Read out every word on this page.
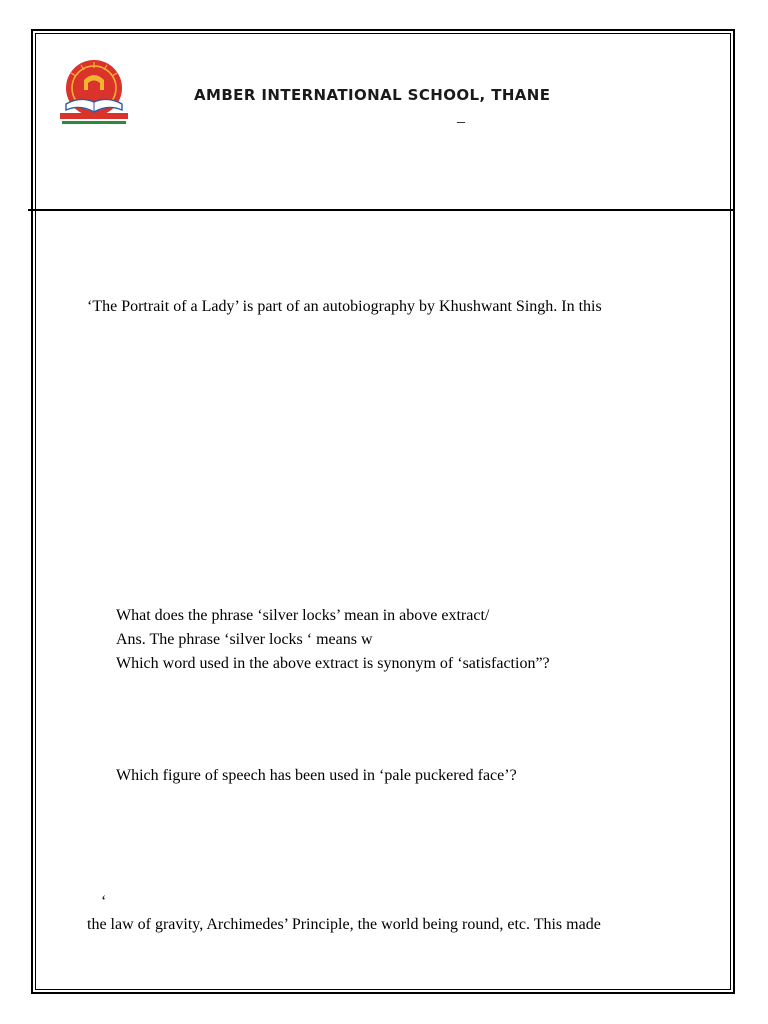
AMBER INTERNATIONAL SCHOOL, THANE
_
‘The Portrait of a Lady’ is part of an autobiography by Khushwant Singh. In this
What does the phrase ‘silver locks’ mean in above extract/
Ans. The phrase ‘silver locks ‘ means w
Which word used in the above extract is synonym of ‘satisfaction”?
Which figure of speech has been used in ‘pale puckered face’?
‘
the law of gravity, Archimedes’ Principle, the world being round, etc. This made
